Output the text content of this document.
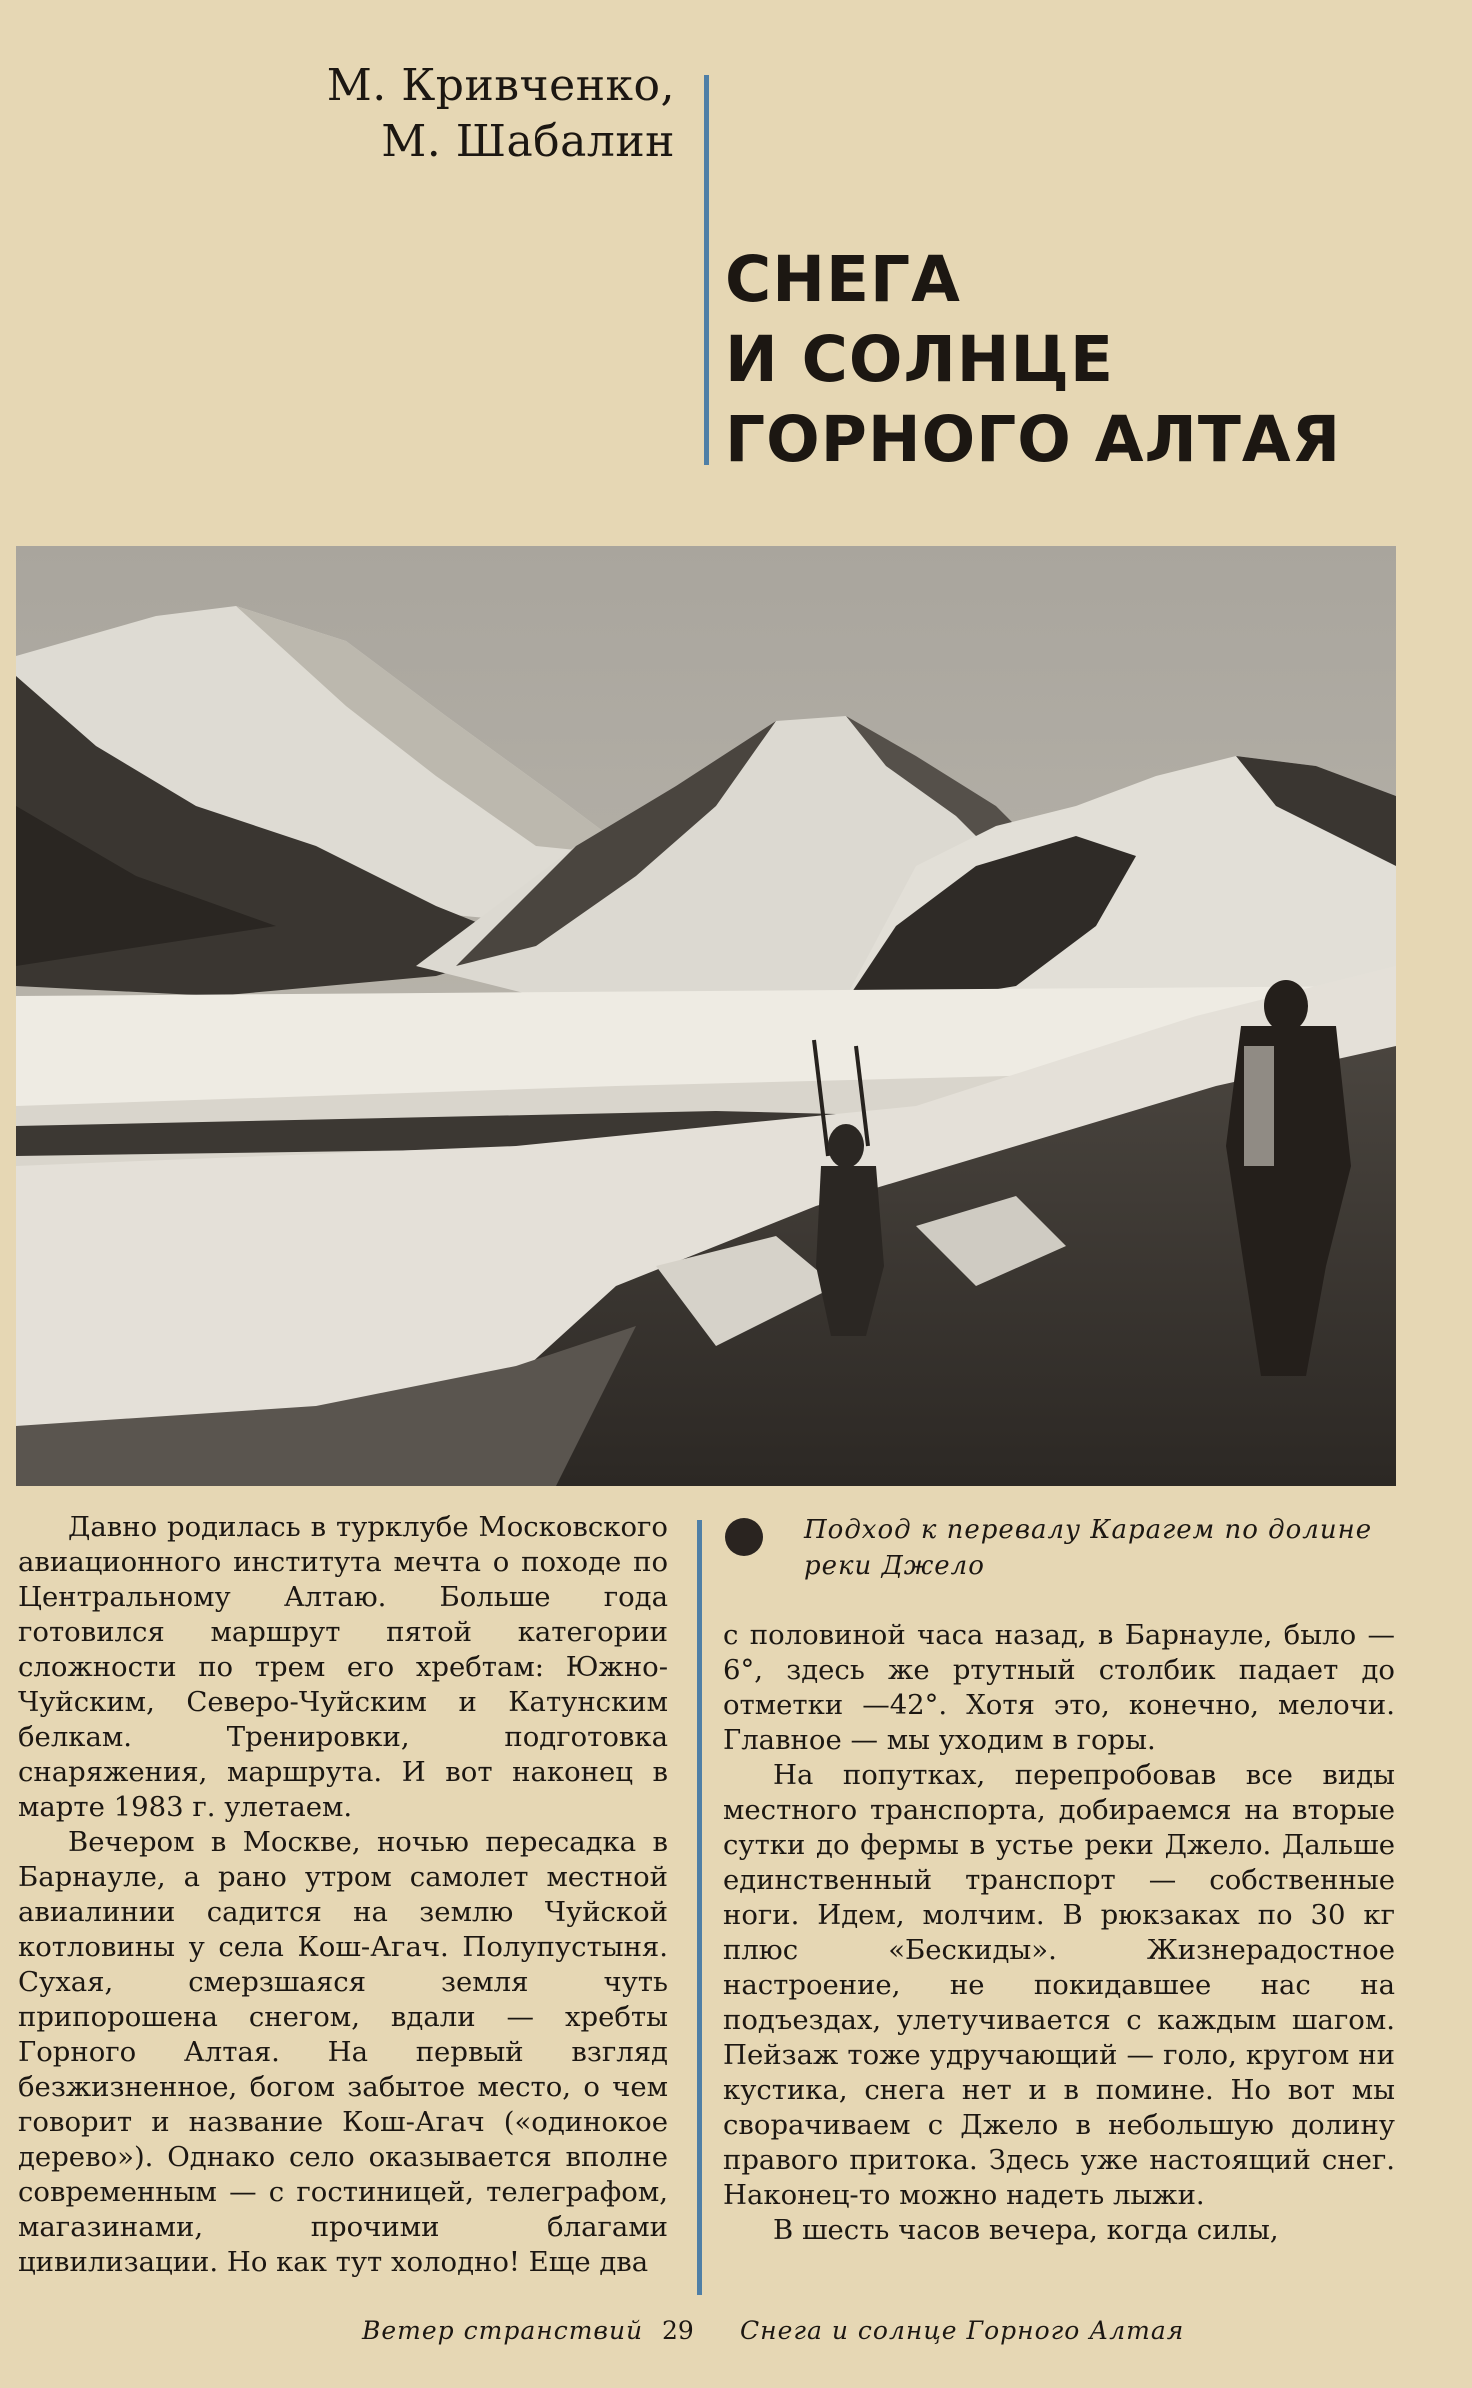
М. Кривченко,
М. Шабалин
СНЕГА
И СОЛНЦЕ
ГОРНОГО АЛТАЯ
Подход к перевалу Карагем по долине реки Джело

Давно родилась в турклубе Московского авиационного института мечта о походе по Центральному Алтаю. Больше года готовился маршрут пятой категории сложности по трем его хребтам: Южно-Чуйским, Северо-Чуйским и Катунским белкам. Тренировки, подготовка снаряжения, маршрута. И вот наконец в марте 1983 г. улетаем.

Вечером в Москве, ночью пересадка в Барнауле, а рано утром самолет местной авиалинии садится на землю Чуйской котловины у села Кош-Агач. Полупустыня. Сухая, смерзшаяся земля чуть припорошена снегом, вдали — хребты Горного Алтая. На первый взгляд безжизненное, богом забытое место, о чем говорит и название Кош-Агач («одинокое дерево»). Однако село оказывается вполне современным — с гостиницей, телеграфом, магазинами, прочими благами цивилизации. Но как тут холодно! Еще два

с половиной часа назад, в Барнауле, было —6°, здесь же ртутный столбик падает до отметки —42°. Хотя это, конечно, мелочи. Главное — мы уходим в горы.

На попутках, перепробовав все виды местного транспорта, добираемся на вторые сутки до фермы в устье реки Джело. Дальше единственный транспорт — собственные ноги. Идем, молчим. В рюкзаках по 30 кг плюс «Бескиды». Жизнерадостное настроение, не покидавшее нас на подъездах, улетучивается с каждым шагом. Пейзаж тоже удручающий — голо, кругом ни кустика, снега нет и в помине. Но вот мы сворачиваем с Джело в небольшую долину правого притока. Здесь уже настоящий снег. Наконец-то можно надеть лыжи.

В шесть часов вечера, когда силы,

Ветер странствий 29 Снега и солнце Горного Алтая
